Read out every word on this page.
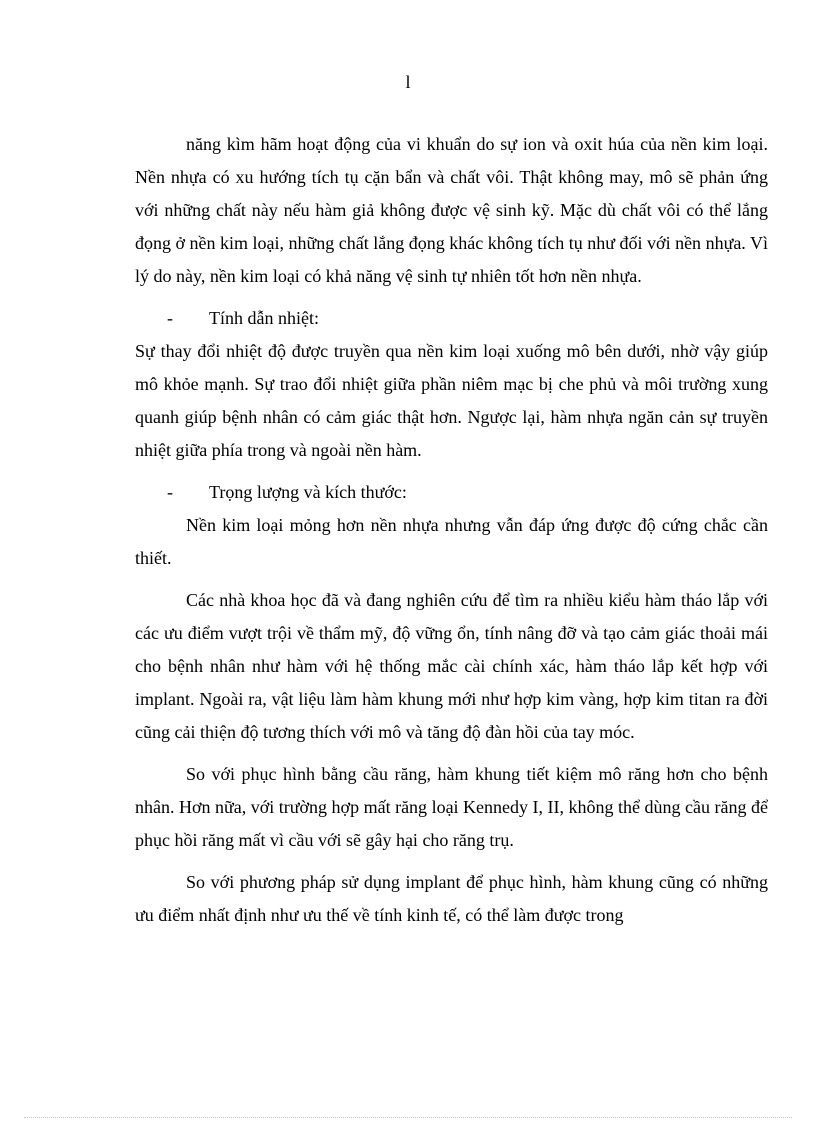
l

năng kìm hãm hoạt động của vi khuẩn do sự ion và oxit húa của nền kim loại. Nền nhựa có xu hướng tích tụ cặn bẩn và chất vôi. Thật không may, mô sẽ phản ứng với những chất này nếu hàm giả không được vệ sinh kỹ. Mặc dù chất vôi có thể lắng đọng ở nền kim loại, những chất lắng đọng khác không tích tụ như đối với nền nhựa. Vì lý do này, nền kim loại có khả năng vệ sinh tự nhiên tốt hơn nền nhựa.

- Tính dẫn nhiệt:

Sự thay đổi nhiệt độ được truyền qua nền kim loại xuống mô bên dưới, nhờ vậy giúp mô khỏe mạnh. Sự trao đổi nhiệt giữa phần niêm mạc bị che phủ và môi trường xung quanh giúp bệnh nhân có cảm giác thật hơn. Ngược lại, hàm nhựa ngăn cản sự truyền nhiệt giữa phía trong và ngoài nền hàm.

- Trọng lượng và kích thước:

Nền kim loại mỏng hơn nền nhựa nhưng vẫn đáp ứng được độ cứng chắc cần thiết.

Các nhà khoa học đã và đang nghiên cứu để tìm ra nhiều kiểu hàm tháo lắp với các ưu điểm vượt trội về thẩm mỹ, độ vững ổn, tính nâng đỡ và tạo cảm giác thoải mái cho bệnh nhân như hàm với hệ thống mắc cài chính xác, hàm tháo lắp kết hợp với implant. Ngoài ra, vật liệu làm hàm khung mới như hợp kim vàng, hợp kim titan ra đời cũng cải thiện độ tương thích với mô và tăng độ đàn hồi của tay móc.

So với phục hình bằng cầu răng, hàm khung tiết kiệm mô răng hơn cho bệnh nhân. Hơn nữa, với trường hợp mất răng loại Kennedy I, II, không thể dùng cầu răng để phục hồi răng mất vì cầu với sẽ gây hại cho răng trụ.

So với phương pháp sử dụng implant để phục hình, hàm khung cũng có những ưu điểm nhất định như ưu thế về tính kinh tế, có thể làm được trong
